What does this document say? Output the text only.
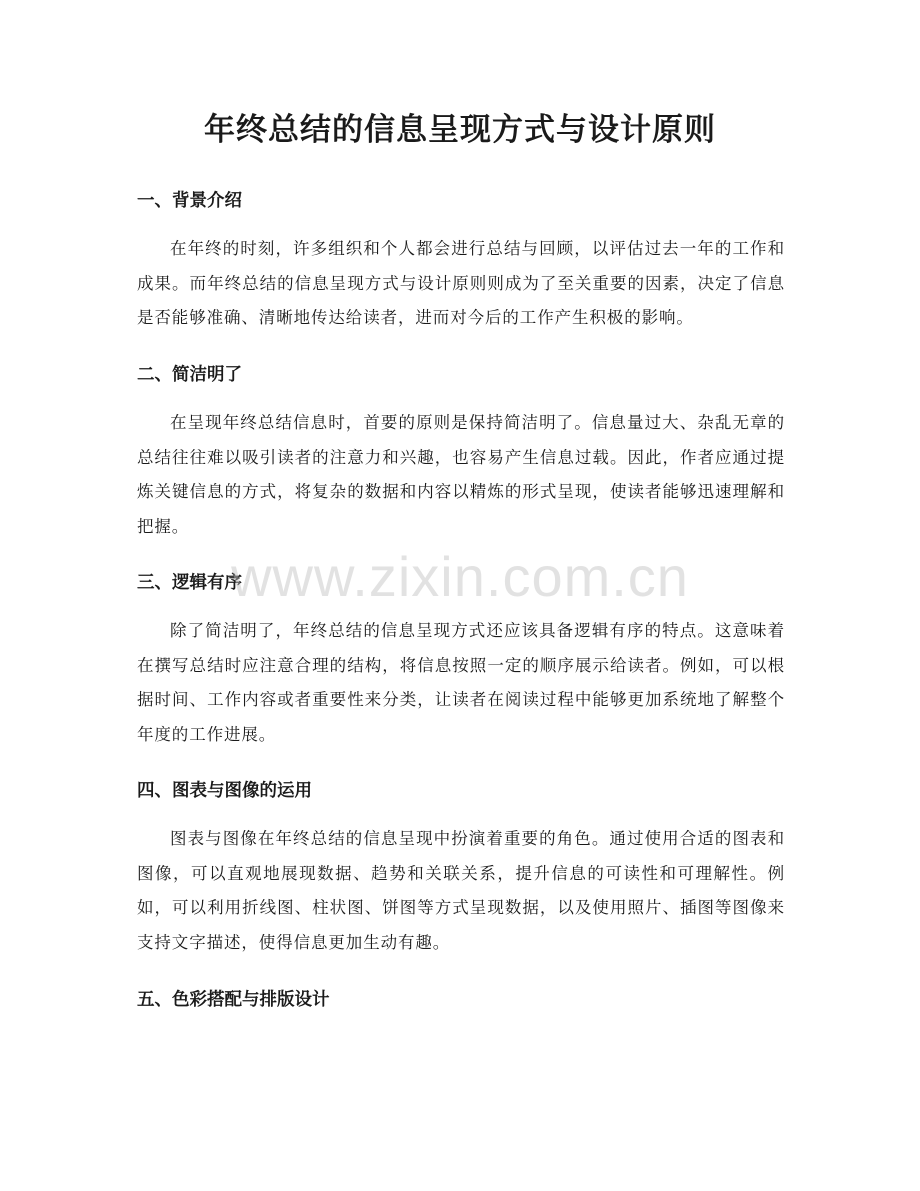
年终总结的信息呈现方式与设计原则
一、背景介绍

在年终的时刻，许多组织和个人都会进行总结与回顾，以评估过去一年的工作和成果。而年终总结的信息呈现方式与设计原则则成为了至关重要的因素，决定了信息是否能够准确、清晰地传达给读者，进而对今后的工作产生积极的影响。

二、简洁明了

在呈现年终总结信息时，首要的原则是保持简洁明了。信息量过大、杂乱无章的总结往往难以吸引读者的注意力和兴趣，也容易产生信息过载。因此，作者应通过提炼关键信息的方式，将复杂的数据和内容以精炼的形式呈现，使读者能够迅速理解和把握。

三、逻辑有序

除了简洁明了，年终总结的信息呈现方式还应该具备逻辑有序的特点。这意味着在撰写总结时应注意合理的结构，将信息按照一定的顺序展示给读者。例如，可以根据时间、工作内容或者重要性来分类，让读者在阅读过程中能够更加系统地了解整个年度的工作进展。

四、图表与图像的运用

图表与图像在年终总结的信息呈现中扮演着重要的角色。通过使用合适的图表和图像，可以直观地展现数据、趋势和关联关系，提升信息的可读性和可理解性。例如，可以利用折线图、柱状图、饼图等方式呈现数据，以及使用照片、插图等图像来支持文字描述，使得信息更加生动有趣。

五、色彩搭配与排版设计
www.zixin.com.cn
